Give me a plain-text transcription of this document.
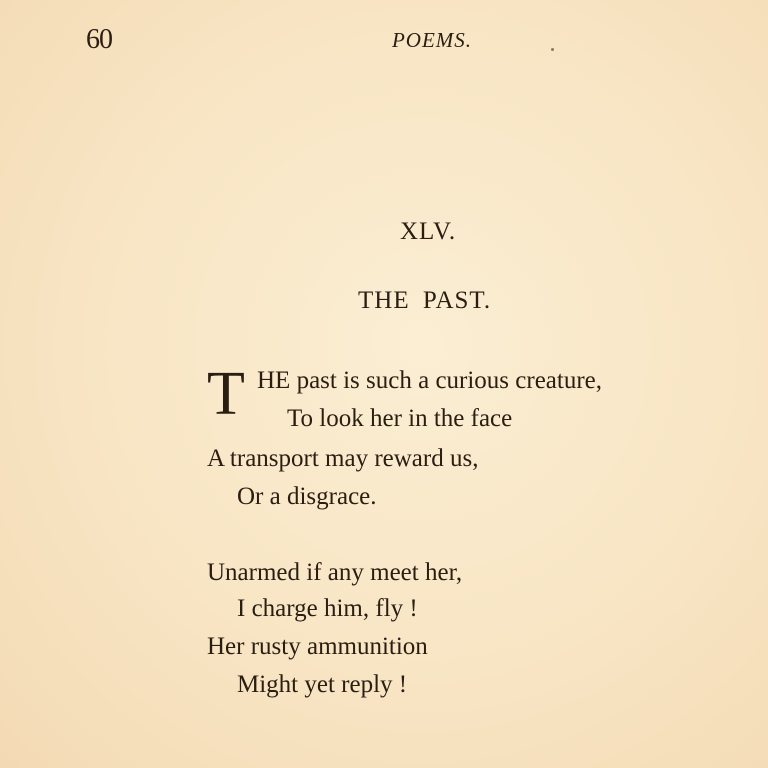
60	POEMS.
XLV.
THE PAST.
T HE past is such a curious creature,
To look her in the face
A transport may reward us,
Or a disgrace.
Unarmed if any meet her,
I charge him, fly !
Her rusty ammunition
Might yet reply !
